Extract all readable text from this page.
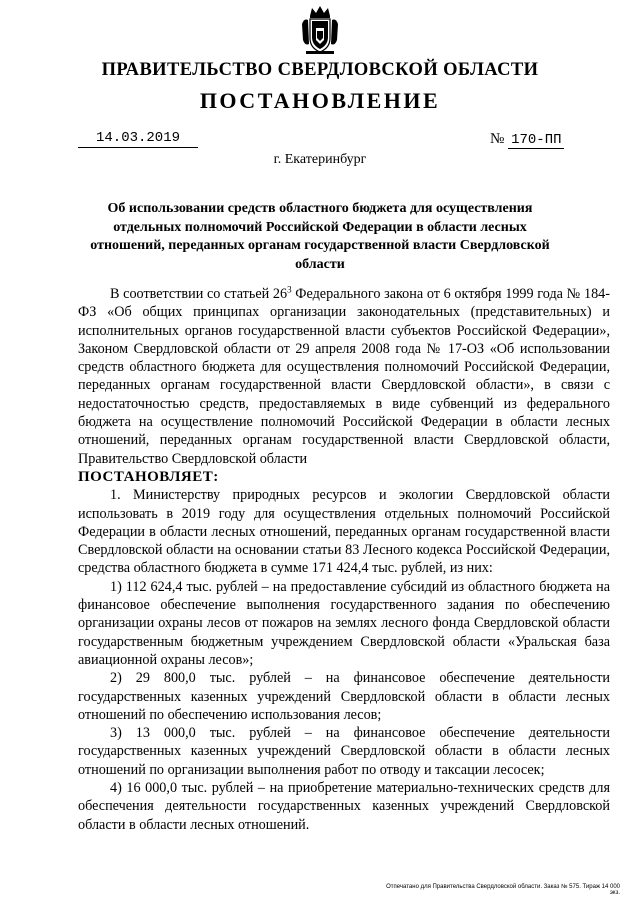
ПРАВИТЕЛЬСТВО СВЕРДЛОВСКОЙ ОБЛАСТИ
ПОСТАНОВЛЕНИЕ
14.03.2019	№ 170-ПП
г. Екатеринбург
Об использовании средств областного бюджета для осуществления отдельных полномочий Российской Федерации в области лесных отношений, переданных органам государственной власти Свердловской области

В соответствии со статьей $26^3$ Федерального закона от 6 октября 1999 года № 184-ФЗ «Об общих принципах организации законодательных (представительных) и исполнительных органов государственной власти субъектов Российской Федерации», Законом Свердловской области от 29 апреля 2008 года № 17-ОЗ «Об использовании средств областного бюджета для осуществления полномочий Российской Федерации, переданных органам государственной власти Свердловской области», в связи с недостаточностью средств, предоставляемых в виде субвенций из федерального бюджета на осуществление полномочий Российской Федерации в области лесных отношений, переданных органам государственной власти Свердловской области, Правительство Свердловской области

ПОСТАНОВЛЯЕТ:

1. Министерству природных ресурсов и экологии Свердловской области использовать в 2019 году для осуществления отдельных полномочий Российской Федерации в области лесных отношений, переданных органам государственной власти Свердловской области на основании статьи 83 Лесного кодекса Российской Федерации, средства областного бюджета в сумме 171 424,4 тыс. рублей, из них:

1) 112 624,4 тыс. рублей – на предоставление субсидий из областного бюджета на финансовое обеспечение выполнения государственного задания по обеспечению организации охраны лесов от пожаров на землях лесного фонда Свердловской области государственным бюджетным учреждением Свердловской области «Уральская база авиационной охраны лесов»;

2) 29 800,0 тыс. рублей – на финансовое обеспечение деятельности государственных казенных учреждений Свердловской области в области лесных отношений по обеспечению использования лесов;

3) 13 000,0 тыс. рублей – на финансовое обеспечение деятельности государственных казенных учреждений Свердловской области в области лесных отношений по организации выполнения работ по отводу и таксации лесосек;

4) 16 000,0 тыс. рублей – на приобретение материально-технических средств для обеспечения деятельности государственных казенных учреждений Свердловской области в области лесных отношений.

Отпечатано для Правительства Свердловской области. Заказ № 575. Тираж 14 000 экз.
